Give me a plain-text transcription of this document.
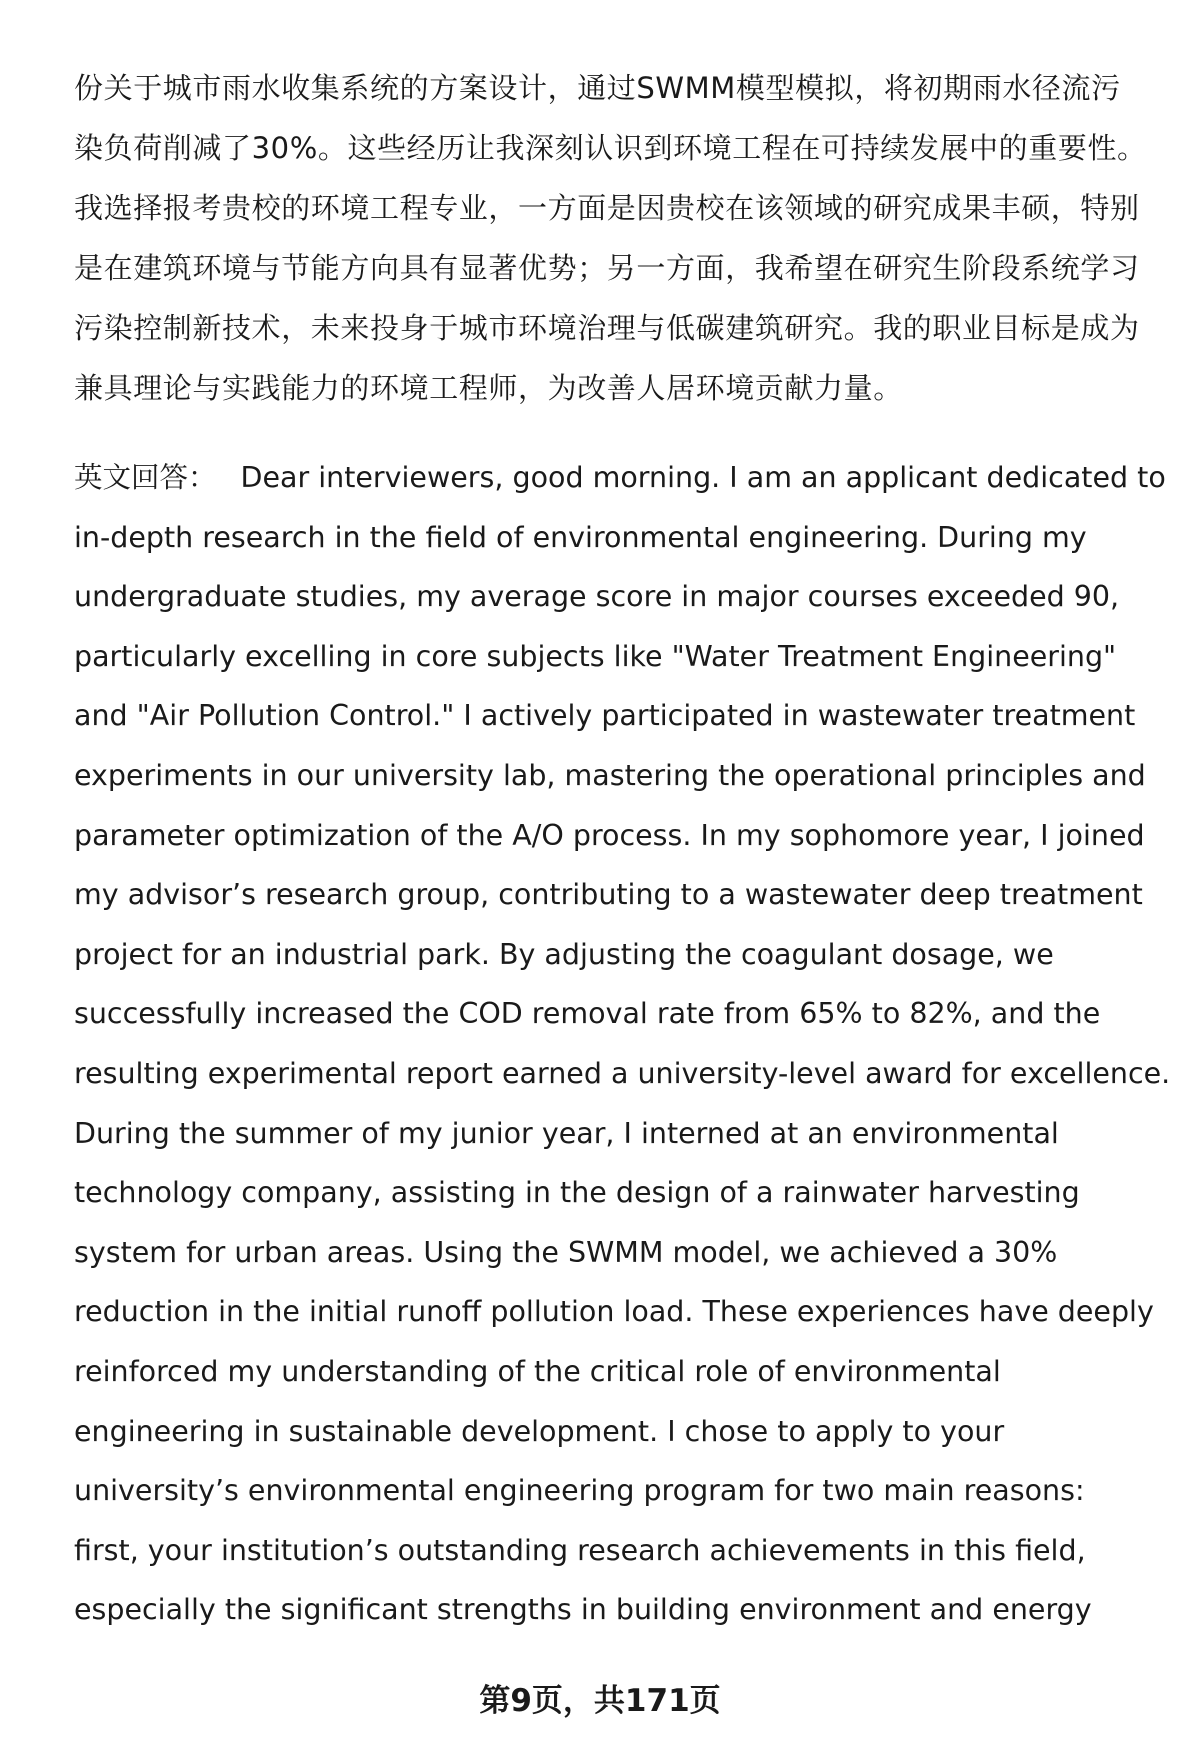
份关于城市雨水收集系统的方案设计，通过SWMM模型模拟，将初期雨水径流污
染负荷削减了30%。这些经历让我深刻认识到环境工程在可持续发展中的重要性。
我选择报考贵校的环境工程专业，一方面是因贵校在该领域的研究成果丰硕，特别
是在建筑环境与节能方向具有显著优势；另一方面，我希望在研究生阶段系统学习
污染控制新技术，未来投身于城市环境治理与低碳建筑研究。我的职业目标是成为
兼具理论与实践能力的环境工程师，为改善人居环境贡献力量。
英文回答： Dear interviewers, good morning. I am an applicant dedicated to
in-depth research in the field of environmental engineering. During my
undergraduate studies, my average score in major courses exceeded 90,
particularly excelling in core subjects like "Water Treatment Engineering"
and "Air Pollution Control." I actively participated in wastewater treatment
experiments in our university lab, mastering the operational principles and
parameter optimization of the A/O process. In my sophomore year, I joined
my advisor’s research group, contributing to a wastewater deep treatment
project for an industrial park. By adjusting the coagulant dosage, we
successfully increased the COD removal rate from 65% to 82%, and the
resulting experimental report earned a university-level award for excellence.
During the summer of my junior year, I interned at an environmental
technology company, assisting in the design of a rainwater harvesting
system for urban areas. Using the SWMM model, we achieved a 30%
reduction in the initial runoff pollution load. These experiences have deeply
reinforced my understanding of the critical role of environmental
engineering in sustainable development. I chose to apply to your
university’s environmental engineering program for two main reasons:
first, your institution’s outstanding research achievements in this field,
especially the significant strengths in building environment and energy
第9页，共171页
